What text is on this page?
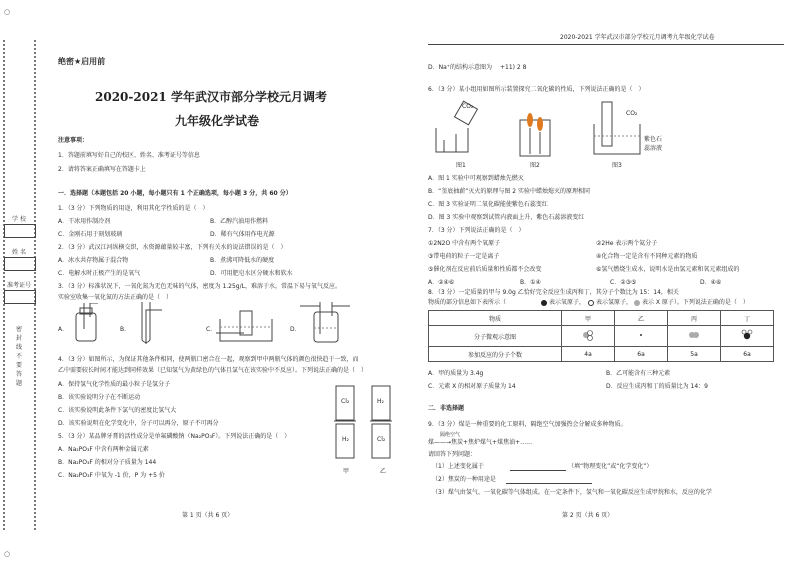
○
○
学 校
姓 名
准考证号
密 封 线 不 要 答 题
绝密★启用前
2020-2021 学年武汉市部分学校元月调考
九年级化学试卷
注意事项：
1．答题前填写好自己的校区、姓名、准考证号等信息
2．请将答案正确填写在答题卡上
一．选择题（本题包括 20 小题，每小题只有 1 个正确选项，每小题 3 分，共 60 分）
1．（3 分）下列物质的用途，利用其化学性质的是（　）
A．干冰用作制冷剂	B．乙醇汽油用作燃料
C．金刚石用于刻划玻璃	D．稀有气体用作电光源
2．（3 分）武汉江河纵横交织，水资源蕴量较丰富，下列有关水的说法错误的是（　）
A．冰水共存物属于混合物	B．煮沸可降低水的硬度
C．电解水时正极产生的是氧气	D．可用肥皂水区分硬水和软水
3．（3 分）标准状况下，一氧化氮为无色无味的气体，密度为 1.25g/L，难溶于水，常温下易与氧气反应。
实验室收集一氧化氮的方法正确的是（　）
A．	B．	C．	D．
4．（3 分）如图所示，为保证其他条件相同，使两瓶口密合在一起，观察到甲中两瓶气体的颜色很快趋于一致，而
乙中需要较长时间才能达到同样效果（已知氢气为黄绿色的气体且氯气在该实验中不反应）。下列说法正确的是（　）
A．保持氢气化学性质的最小粒子是氢分子
B．该实验说明分子在不断运动
C．该实验说明此条件下氯气的密度比氢气大
D．该实验说明在化学变化中，分子可以再分，原子不可再分
5．（3 分）某品牌牙膏的活性成分是单氟磷酸钠（Na₂PO₃F）。下列说法正确的是（　）
A．Na₂PO₃F 中含有两种金属元素
B．Na₂PO₃F 的相对分子质量为 144
C．Na₂PO₃F 中氧为 -1 价，P 为 +5 价
Cl₂	H₂
H₂	Cl₂
甲	乙
第 1 页（共 6 页）
2020-2021 学年武汉市部分学校元月调考九年级化学试卷
D．Na⁺的结构示意图为 +11) 2 8
6．（3 分）某小组用如图所示装置探究二氧化碳的性质，下列说法正确的是（　）
CO₂
CO₂
紫色石
蕊溶液
图1	图2	图3
A．图 1 实验中可观察到蜡烛先燃灭
B．“釜底抽薪”灭火的原理与图 2 实验中蜡烛熄灭的原理相同
C．图 3 实验证明二氧化碳能使紫色石蕊变红
D．图 3 实验中观察到试管内液面上升，紫色石蕊溶液变红
7．（3 分）下列说法正确的是（　）
①2N2O 中含有两个氧原子	②2He 表示两个氦分子
③带电荷的粒子一定是离子	④化合物一定是含有不同种元素的物质
⑤催化剂在反应前后质量和性质都不会改变	⑥氢气燃烧生成水，说明水是由氢元素和氧元素组成的
A．②④⑥	B．①④	C．②③⑤	D．④⑥
8．（3 分）一定质量的甲与 9.0g 乙恰好完全反应生成丙和丁，其分子个数比为 15：14，相关
物质的部分信息如下表所示（	表示氧原子， 表示氢原子， 表示 X 原子）。下列说法正确的是（　）
物质	甲	乙	丙	丁
分子微观示意图				
参加反应的分子个数	4a	6a	5a	6a
A．甲的质量为 3.4g	B．乙可能含有三种元素
C．元素 X 的相对原子质量为 14	D．反应生成丙和丁的质量比为 14：9
二．非选择题
9．（3 分）煤是一种重要的化工原料，隔绝空气加强热会分解成多种物质。
隔绝空气
煤——→焦炭+焦炉煤气+煤焦油+……
请回答下列问题：
（1）上述变化属于	（填“物理变化”或“化学变化”）
（2）焦炭的一种用途是
（3）煤气由氢气、一氧化碳等气体组成。在一定条件下，氢气和一氧化碳反应生成甲烷和水，反应的化学
第 2 页（共 6 页）
